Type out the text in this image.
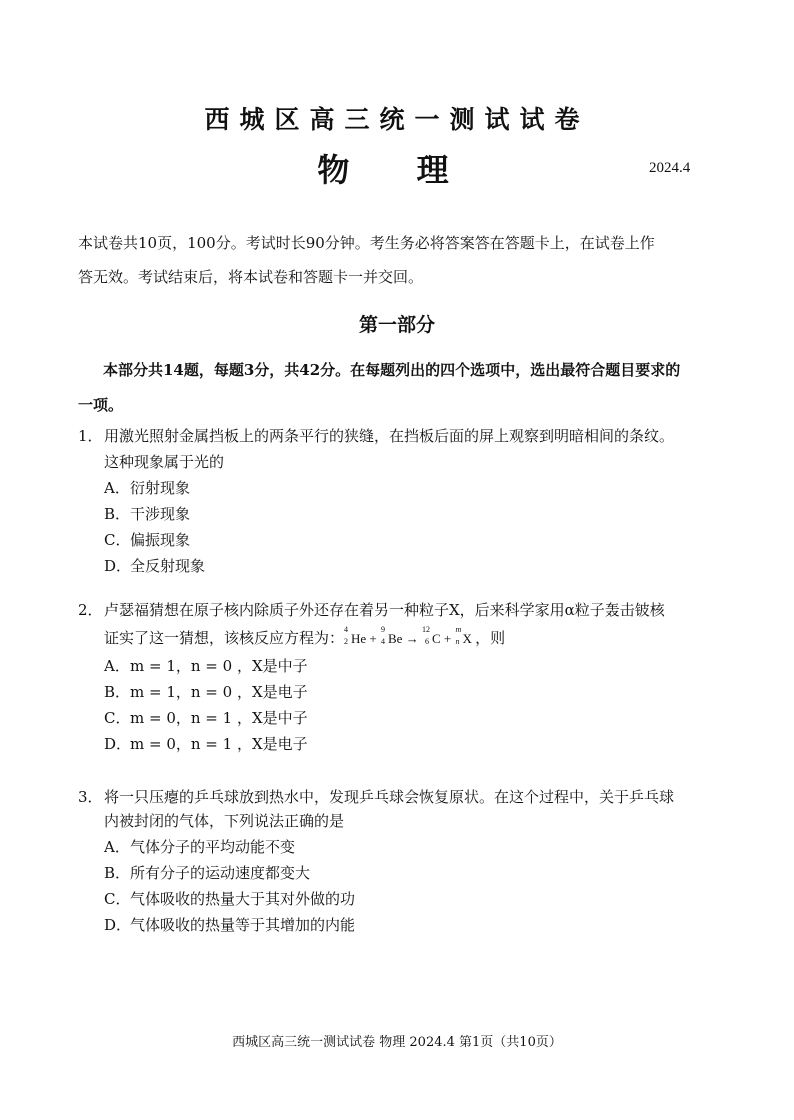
西城区高三统一测试试卷
物 理	2024.4
本试卷共10页，100分。考试时长90分钟。考生务必将答案答在答题卡上，在试卷上作
答无效。考试结束后，将本试卷和答题卡一并交回。
第一部分
本部分共14题，每题3分，共42分。在每题列出的四个选项中，选出最符合题目要求的
一项。
1． 用激光照射金属挡板上的两条平行的狭缝，在挡板后面的屏上观察到明暗相间的条纹。
这种现象属于光的
A．衍射现象
B．干涉现象
C．偏振现象
D．全反射现象
2． 卢瑟福猜想在原子核内除质子外还存在着另一种粒子X，后来科学家用α粒子轰击铍核
证实了这一猜想，该核反应方程为： 4
2 He +
9
4 Be →
12
6 C +
m
n X ，则
A．m = 1，n = 0 ，X是中子
B．m = 1，n = 0 ，X是电子
C．m = 0，n = 1 ，X是中子
D．m = 0，n = 1 ，X是电子
3． 将一只压瘪的乒乓球放到热水中，发现乒乓球会恢复原状。在这个过程中，关于乒乓球
内被封闭的气体，下列说法正确的是
A．气体分子的平均动能不变
B．所有分子的运动速度都变大
C．气体吸收的热量大于其对外做的功
D．气体吸收的热量等于其增加的内能
西城区高三统一测试试卷 物理 2024.4 第1页（共10页）
